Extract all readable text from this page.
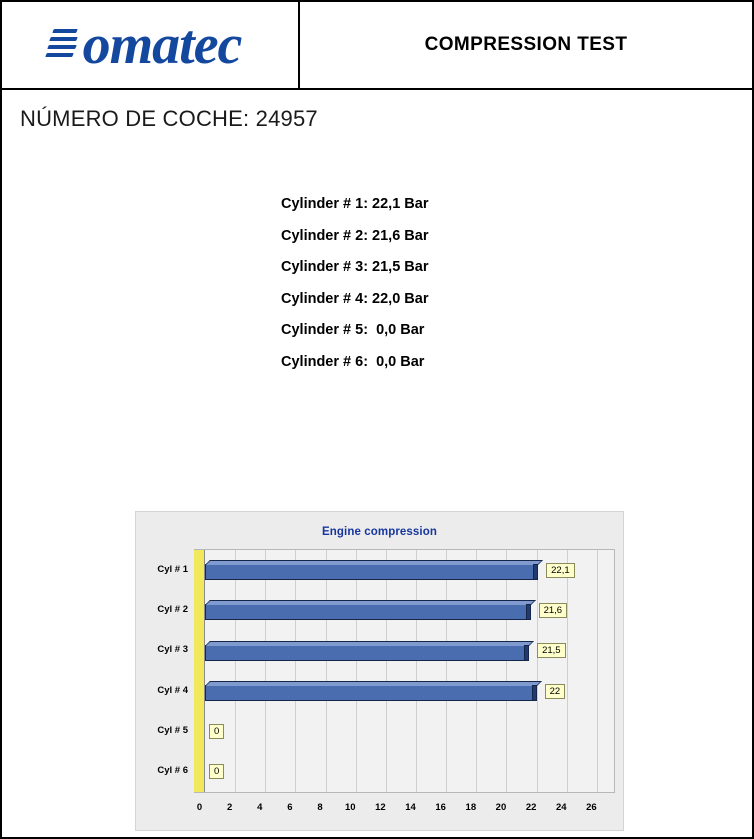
omatec	COMPRESSION TEST
NÚMERO DE COCHE: 24957
Cylinder # 1: 22,1 Bar
Cylinder # 2: 21,6 Bar
Cylinder # 3: 21,5 Bar
Cylinder # 4: 22,0 Bar
Cylinder # 5:  0,0 Bar
Cylinder # 6:  0,0 Bar
Engine compression
Cyl # 1
Cyl # 2
Cyl # 3
Cyl # 4
Cyl # 5
Cyl # 6
22,1
21,6
21,5
22
0
0
0	2	4	6	8 10 12 14 16 18 20 22 24 26
